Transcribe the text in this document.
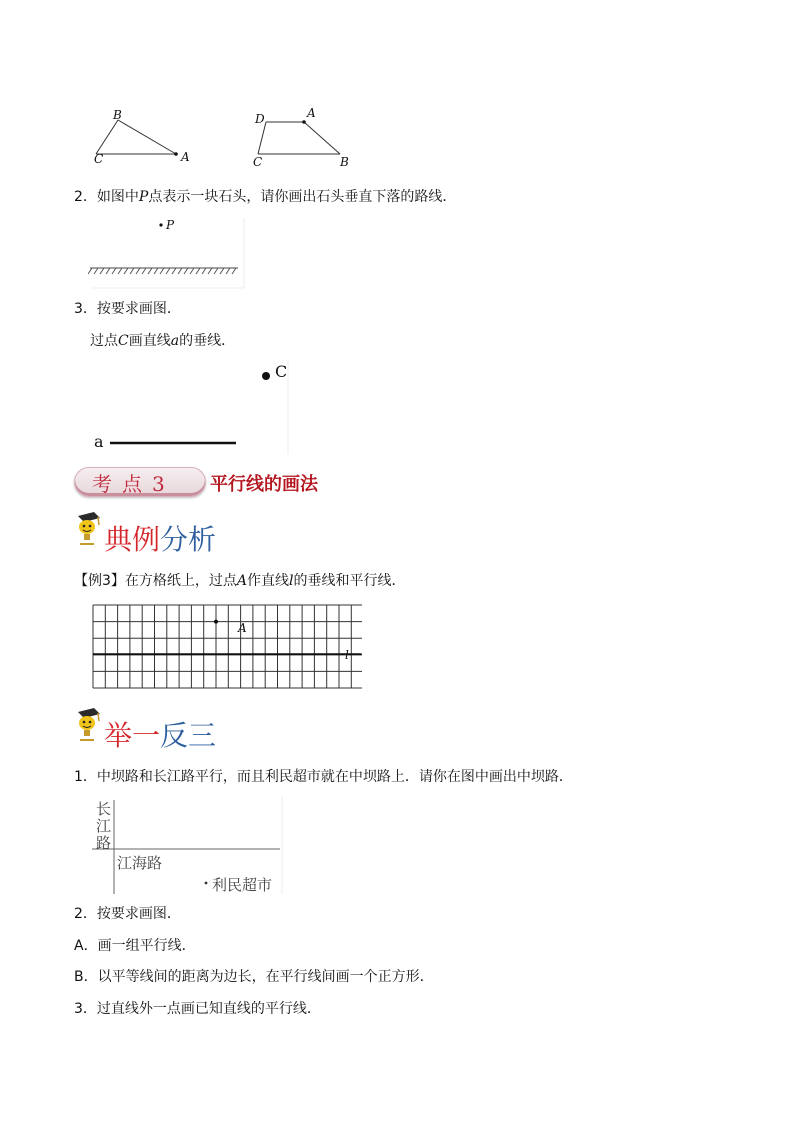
B
C	A
D	A
C	B
2．如图中P点表示一块石头，请你画出石头垂直下落的路线．
P
3．按要求画图．
过点C画直线a的垂线．
C
a
考点3 平行线的画法
典例分析
【例3】在方格纸上，过点A作直线l的垂线和平行线．
A
l
举一反三
1．中坝路和长江路平行，而且利民超市就在中坝路上．请你在图中画出中坝路．
长
江
路
江海路
利民超市
2．按要求画图．
A．画一组平行线．
B．以平等线间的距离为边长，在平行线间画一个正方形．
3．过直线外一点画已知直线的平行线．
